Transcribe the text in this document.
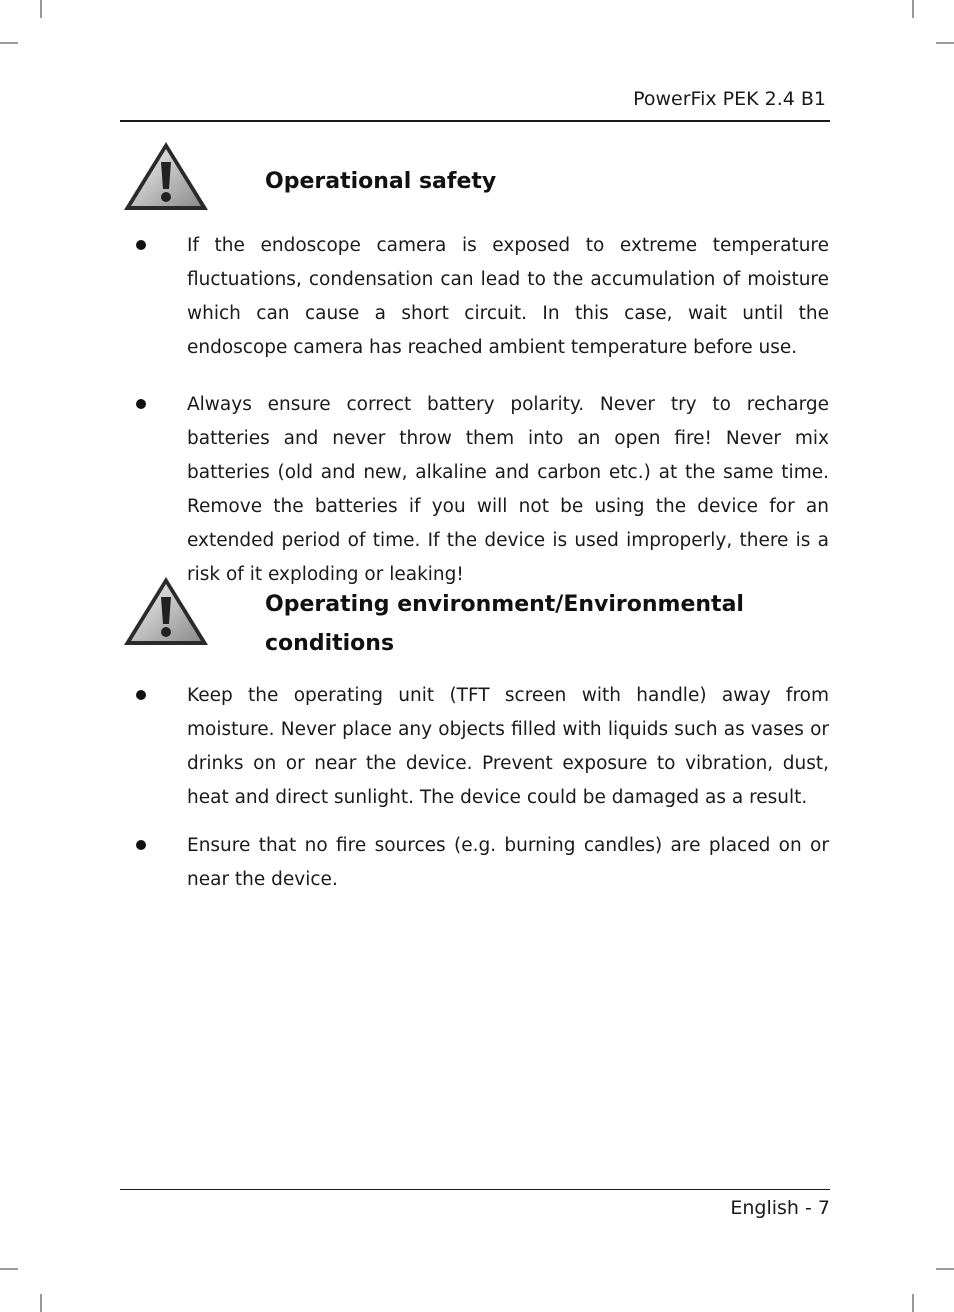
PowerFix PEK 2.4 B1
Operational safety
If the endoscope camera is exposed to extreme temperature fluctuations, condensation can lead to the accumulation of moisture which can cause a short circuit. In this case, wait until the endoscope camera has reached ambient temperature before use.
Always ensure correct battery polarity. Never try to recharge batteries and never throw them into an open fire! Never mix batteries (old and new, alkaline and carbon etc.) at the same time. Remove the batteries if you will not be using the device for an extended period of time. If the device is used improperly, there is a risk of it exploding or leaking!
Operating environment/Environmental
conditions
Keep the operating unit (TFT screen with handle) away from moisture. Never place any objects filled with liquids such as vases or drinks on or near the device. Prevent exposure to vibration, dust, heat and direct sunlight. The device could be damaged as a result.
Ensure that no fire sources (e.g. burning candles) are placed on or near the device.
English - 7
